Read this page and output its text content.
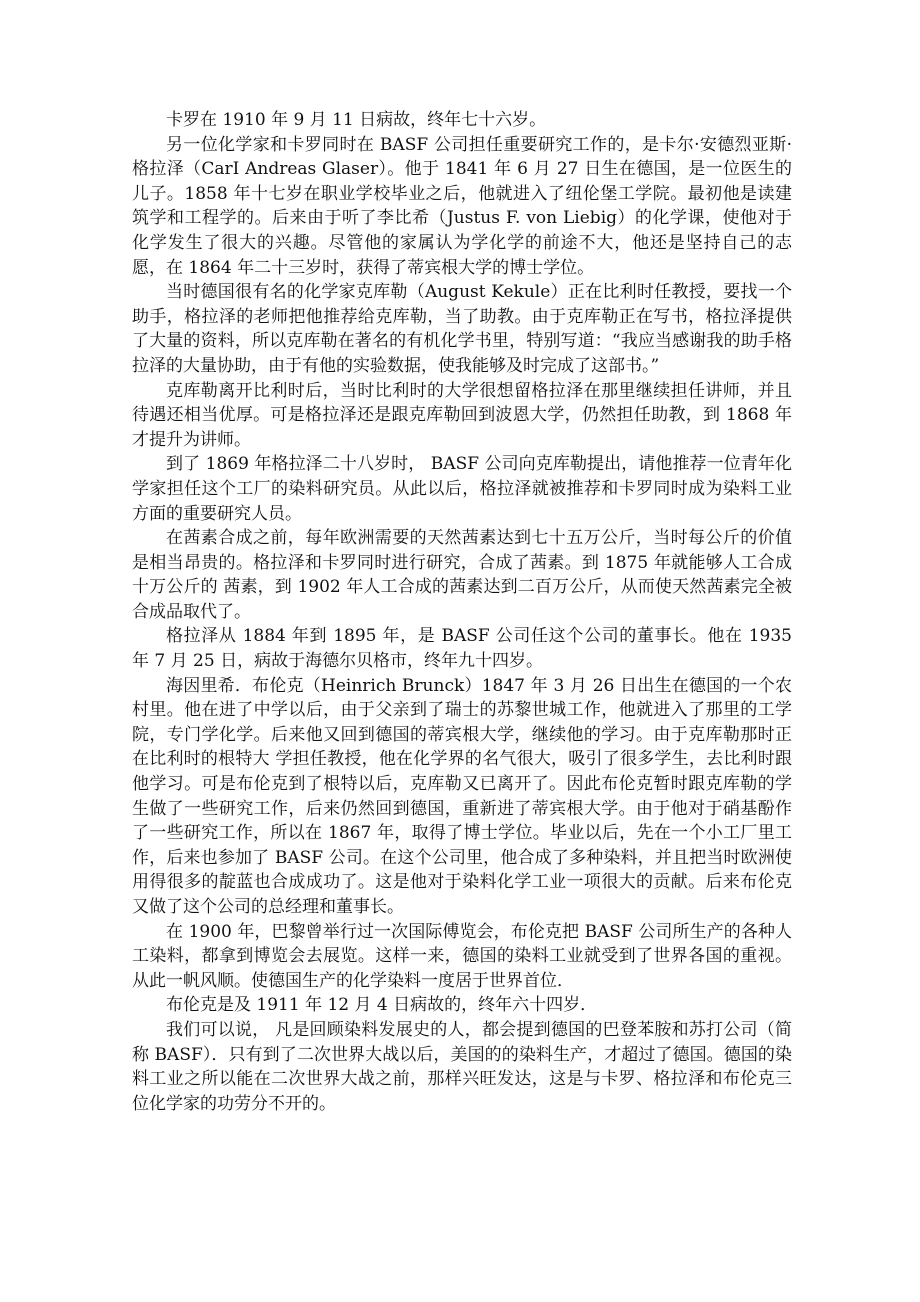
卡罗在 1910 年 9 月 11 日病故，终年七十六岁。

另一位化学家和卡罗同时在 BASF 公司担任重要研究工作的，是卡尔·安德烈亚斯·格拉泽（CarI Andreas Glaser）。他于 1841 年 6 月 27 日生在德国，是一位医生的儿子。1858 年十七岁在职业学校毕业之后，他就进入了纽伦堡工学院。最初他是读建筑学和工程学的。后来由于听了李比希（Justus F. von Liebig）的化学课，使他对于化学发生了很大的兴趣。尽管他的家属认为学化学的前途不大，他还是坚持自己的志愿，在 1864 年二十三岁时，获得了蒂宾根大学的博士学位。

当时德国很有名的化学家克库勒（August Kekule）正在比利时任教授，要找一个助手，格拉泽的老师把他推荐给克库勒，当了助教。由于克库勒正在写书，格拉泽提供了大量的资料，所以克库勒在著名的有机化学书里，特别写道：“我应当感谢我的助手格拉泽的大量协助，由于有他的实验数据，使我能够及时完成了这部书。”

克库勒离开比利时后，当时比利时的大学很想留格拉泽在那里继续担任讲师，并且待遇还相当优厚。可是格拉泽还是跟克库勒回到波恩大学，仍然担任助教，到 1868 年才提升为讲师。

到了 1869 年格拉泽二十八岁时， BASF 公司向克库勒提出，请他推荐一位青年化学家担任这个工厂的染料研究员。从此以后，格拉泽就被推荐和卡罗同时成为染料工业方面的重要研究人员。

在茜素合成之前，每年欧洲需要的天然茜素达到七十五万公斤，当时每公斤的价值是相当昂贵的。格拉泽和卡罗同时进行研究，合成了茜素。到 1875 年就能够人工合成十万公斤的 茜素，到 1902 年人工合成的茜素达到二百万公斤，从而使天然茜素完全被合成品取代了。

格拉泽从 1884 年到 1895 年，是 BASF 公司任这个公司的董事长。他在 1935 年 7 月 25 日，病故于海德尔贝格市，终年九十四岁。

海因里希．布伦克（Heinrich Brunck）1847 年 3 月 26 日出生在德国的一个农村里。他在进了中学以后，由于父亲到了瑞士的苏黎世城工作，他就进入了那里的工学院，专门学化学。后来他又回到德国的蒂宾根大学，继续他的学习。由于克库勒那时正在比利时的根特大 学担任教授，他在化学界的名气很大，吸引了很多学生，去比利时跟他学习。可是布伦克到了根特以后，克库勒又已离开了。因此布伦克暂时跟克库勒的学生做了一些研究工作，后来仍然回到德国，重新进了蒂宾根大学。由于他对于硝基酚作了一些研究工作，所以在 1867 年，取得了博士学位。毕业以后，先在一个小工厂里工作，后来也参加了 BASF 公司。在这个公司里，他合成了多种染料，并且把当时欧洲使用得很多的靛蓝也合成成功了。这是他对于染料化学工业一项很大的贡献。后来布伦克又做了这个公司的总经理和董事长。

在 1900 年，巴黎曾举行过一次国际傅览会，布伦克把 BASF 公司所生产的各种人工染料，都拿到博览会去展览。这样一来，德国的染料工业就受到了世界各国的重视。从此一帆风顺。使德国生产的化学染料一度居于世界首位．

布伦克是及 1911 年 12 月 4 日病故的，终年六十四岁．

我们可以说， 凡是回顾染料发展史的人，都会提到德国的巴登苯胺和苏打公司（简称 BASF）．只有到了二次世界大战以后，美国的的染料生产，才超过了德国。德国的染料工业之所以能在二次世界大战之前，那样兴旺发达，这是与卡罗、格拉泽和布伦克三位化学家的功劳分不开的。
